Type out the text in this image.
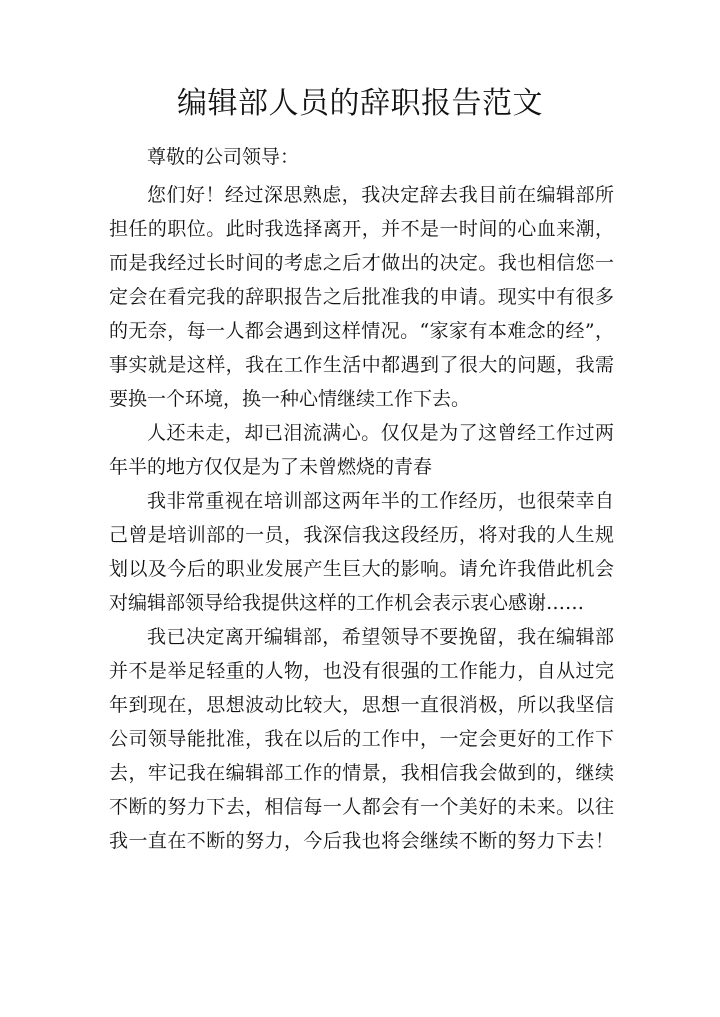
编辑部人员的辞职报告范文
尊敬的公司领导：
您们好！经过深思熟虑，我决定辞去我目前在编辑部所
担任的职位。此时我选择离开，并不是一时间的心血来潮，
而是我经过长时间的考虑之后才做出的决定。我也相信您一
定会在看完我的辞职报告之后批准我的申请。现实中有很多
的无奈，每一人都会遇到这样情况。“家家有本难念的经”，
事实就是这样，我在工作生活中都遇到了很大的问题，我需
要换一个环境，换一种心情继续工作下去。
人还未走，却已泪流满心。仅仅是为了这曾经工作过两
年半的地方仅仅是为了未曾燃烧的青春
我非常重视在培训部这两年半的工作经历，也很荣幸自
己曾是培训部的一员，我深信我这段经历，将对我的人生规
划以及今后的职业发展产生巨大的影响。请允许我借此机会
对编辑部领导给我提供这样的工作机会表示衷心感谢……
我已决定离开编辑部，希望领导不要挽留，我在编辑部
并不是举足轻重的人物，也没有很强的工作能力，自从过完
年到现在，思想波动比较大，思想一直很消极，所以我坚信
公司领导能批准，我在以后的工作中，一定会更好的工作下
去，牢记我在编辑部工作的情景，我相信我会做到的，继续
不断的努力下去，相信每一人都会有一个美好的未来。以往
我一直在不断的努力，今后我也将会继续不断的努力下去！
